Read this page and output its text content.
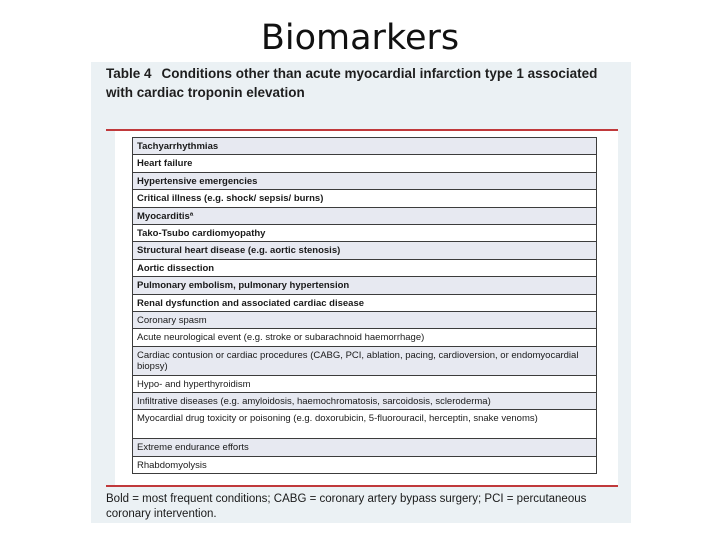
Biomarkers
Table 4 Conditions other than acute myocardial infarction type 1 associated with cardiac troponin elevation
Tachyarrhythmias
Heart failure
Hypertensive emergencies
Critical illness (e.g. shock/ sepsis/ burns)
Myocarditisª
Tako-Tsubo cardiomyopathy
Structural heart disease (e.g. aortic stenosis)
Aortic dissection
Pulmonary embolism, pulmonary hypertension
Renal dysfunction and associated cardiac disease
Coronary spasm
Acute neurological event (e.g. stroke or subarachnoid haemorrhage)
Cardiac contusion or cardiac procedures (CABG, PCI, ablation, pacing, cardioversion, or endomyocardial biopsy)
Hypo- and hyperthyroidism
Infiltrative diseases (e.g. amyloidosis, haemochromatosis, sarcoidosis, scleroderma)
Myocardial drug toxicity or poisoning (e.g. doxorubicin, 5-fluorouracil, herceptin, snake venoms)
Extreme endurance efforts
Rhabdomyolysis
Bold = most frequent conditions; CABG = coronary artery bypass surgery; PCI = percutaneous coronary intervention.
